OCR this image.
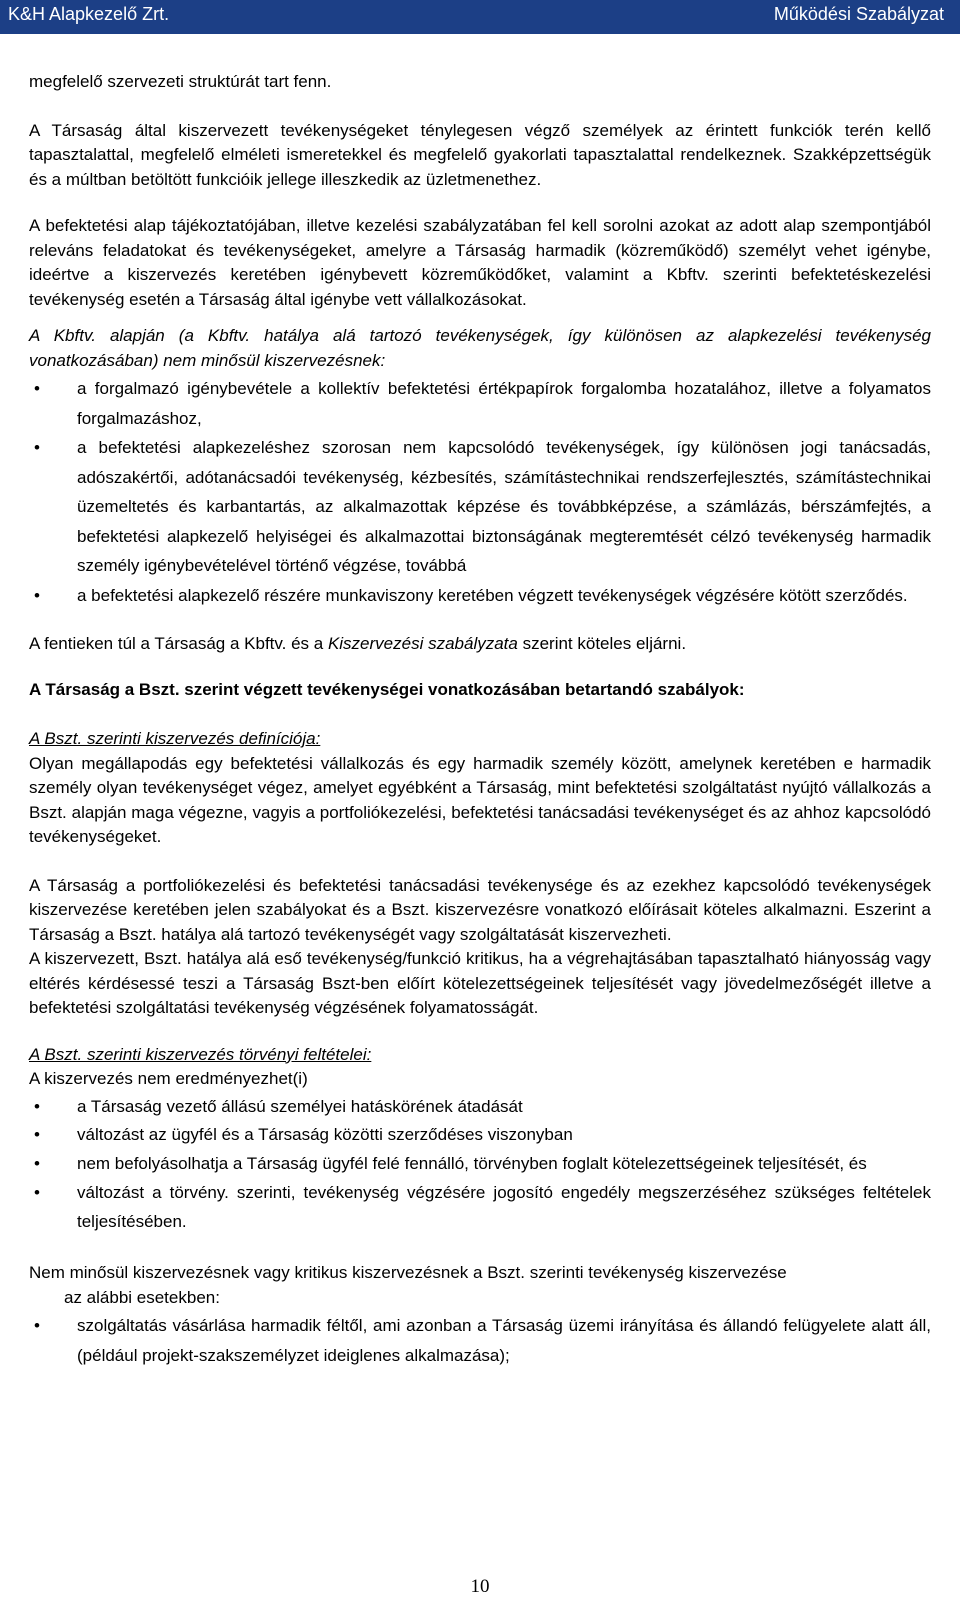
K&H Alapkezelő Zrt.	Működési Szabályzat

megfelelő szervezeti struktúrát tart fenn.

A Társaság által kiszervezett tevékenységeket ténylegesen végző személyek az érintett funkciók terén kellő tapasztalattal, megfelelő elméleti ismeretekkel és megfelelő gyakorlati tapasztalattal rendelkeznek. Szakképzettségük és a múltban betöltött funkcióik jellege illeszkedik az üzletmenethez.

A befektetési alap tájékoztatójában, illetve kezelési szabályzatában fel kell sorolni azokat az adott alap szempontjából releváns feladatokat és tevékenységeket, amelyre a Társaság harmadik (közreműködő) személyt vehet igénybe, ideértve a kiszervezés keretében igénybevett közreműködőket, valamint a Kbftv. szerinti befektetéskezelési tevékenység esetén a Társaság által igénybe vett vállalkozásokat.

A Kbftv. alapján (a Kbftv. hatálya alá tartozó tevékenységek, így különösen az alapkezelési tevékenység vonatkozásában) nem minősül kiszervezésnek:

• a forgalmazó igénybevétele a kollektív befektetési értékpapírok forgalomba hozatalához, illetve a folyamatos forgalmazáshoz,
• a befektetési alapkezeléshez szorosan nem kapcsolódó tevékenységek, így különösen jogi tanácsadás, adószakértői, adótanácsadói tevékenység, kézbesítés, számítástechnikai rendszerfejlesztés, számítástechnikai üzemeltetés és karbantartás, az alkalmazottak képzése és továbbképzése, a számlázás, bérszámfejtés, a befektetési alapkezelő helyiségei és alkalmazottai biztonságának megteremtését célzó tevékenység harmadik személy igénybevételével történő végzése, továbbá
• a befektetési alapkezelő részére munkaviszony keretében végzett tevékenységek végzésére kötött szerződés.

A fentieken túl a Társaság a Kbftv. és a Kiszervezési szabályzata szerint köteles eljárni.

A Társaság a Bszt. szerint végzett tevékenységei vonatkozásában betartandó szabályok:

A Bszt. szerinti kiszervezés definíciója:

Olyan megállapodás egy befektetési vállalkozás és egy harmadik személy között, amelynek keretében e harmadik személy olyan tevékenységet végez, amelyet egyébként a Társaság, mint befektetési szolgáltatást nyújtó vállalkozás a Bszt. alapján maga végezne, vagyis a portfoliókezelési, befektetési tanácsadási tevékenységet és az ahhoz kapcsolódó tevékenységeket.

A Társaság a portfoliókezelési és befektetési tanácsadási tevékenysége és az ezekhez kapcsolódó tevékenységek kiszervezése keretében jelen szabályokat és a Bszt. kiszervezésre vonatkozó előírásait köteles alkalmazni. Eszerint a Társaság a Bszt. hatálya alá tartozó tevékenységét vagy szolgáltatását kiszervezheti.

A kiszervezett, Bszt. hatálya alá eső tevékenység/funkció kritikus, ha a végrehajtásában tapasztalható hiányosság vagy eltérés kérdésessé teszi a Társaság Bszt-ben előírt kötelezettségeinek teljesítését vagy jövedelmezőségét illetve a befektetési szolgáltatási tevékenység végzésének folyamatosságát.

A Bszt. szerinti kiszervezés törvényi feltételei:

A kiszervezés nem eredményezhet(i)

• a Társaság vezető állású személyei hatáskörének átadását
• változást az ügyfél és a Társaság közötti szerződéses viszonyban
• nem befolyásolhatja a Társaság ügyfél felé fennálló, törvényben foglalt kötelezettségeinek teljesítését, és
• változást a törvény. szerinti, tevékenység végzésére jogosító engedély megszerzéséhez szükséges feltételek teljesítésében.

Nem minősül kiszervezésnek vagy kritikus kiszervezésnek a Bszt. szerinti tevékenység kiszervezése
az alábbi esetekben:

• szolgáltatás vásárlása harmadik féltől, ami azonban a Társaság üzemi irányítása és állandó felügyelete alatt áll, (például projekt-szakszemélyzet ideiglenes alkalmazása);
10
